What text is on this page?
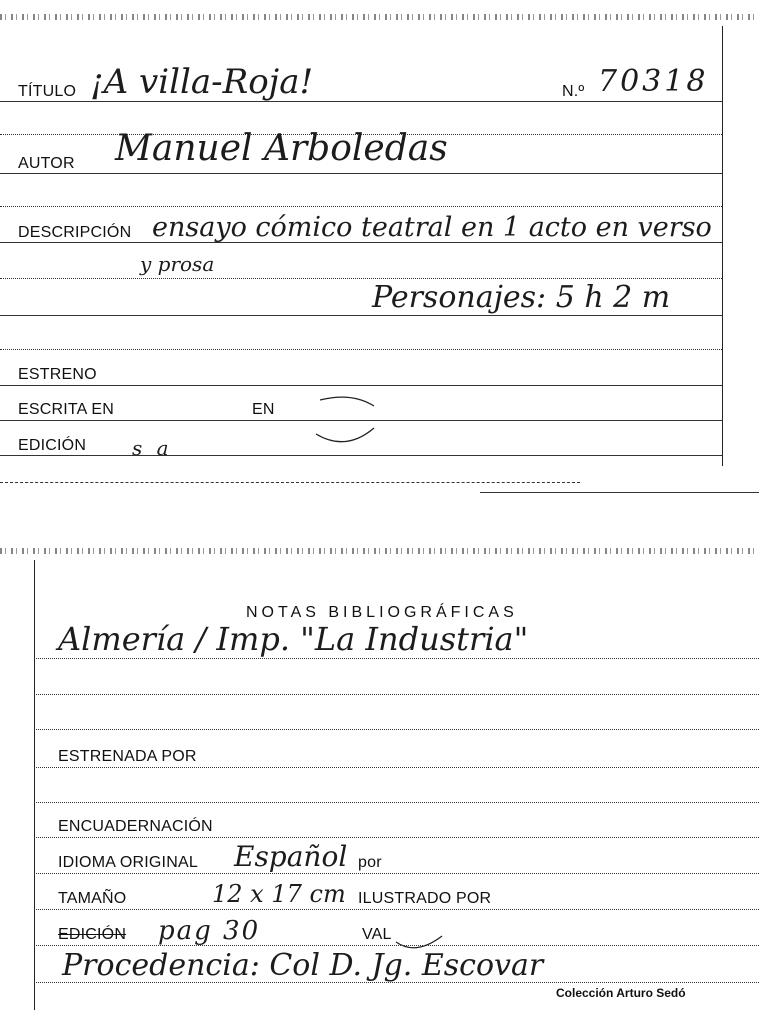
TÍTULO ¡A villa-Roja!	N.º 70318
AUTOR Manuel Arboledas
DESCRIPCIÓN ensayo cómico teatral en 1 acto en verso
y prosa
Personajes: 5 h 2 m
ESTRENO
ESCRITA EN	EN
EDICIÓN s a
NOTAS BIBLIOGRÁFICAS
Almería / Imp. "La Industria"
ESTRENADA POR
ENCUADERNACIÓN
IDIOMA ORIGINAL Español por
TAMAÑO	12 x 17 cm ILUSTRADO POR
EDICIÓN pag 30	VAL
Procedencia: Col D. Jg. Escovar
Colección Arturo Sedó
